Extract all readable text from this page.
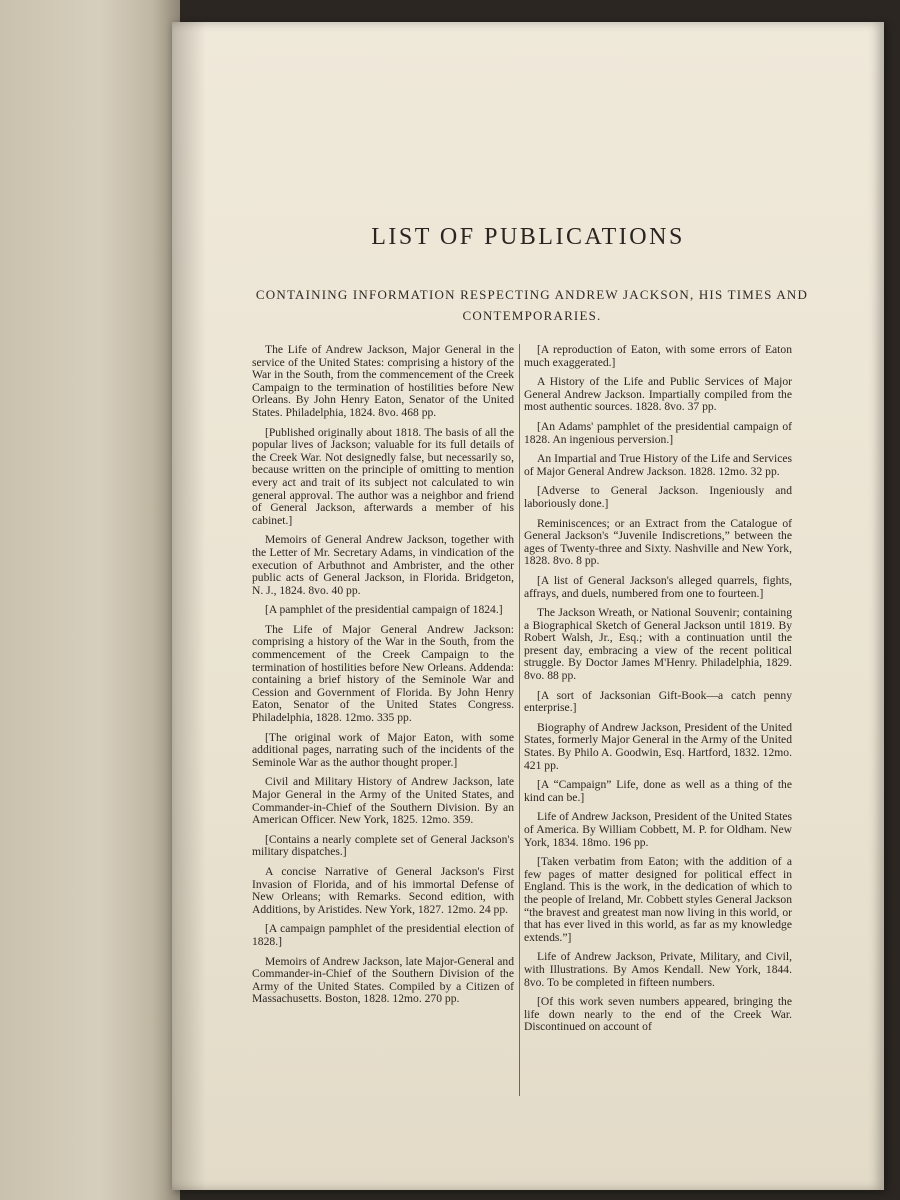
LIST OF PUBLICATIONS
CONTAINING INFORMATION RESPECTING ANDREW JACKSON, HIS TIMES AND CONTEMPORARIES.

The Life of Andrew Jackson, Major General in the service of the United States: comprising a history of the War in the South, from the commencement of the Creek Campaign to the termination of hostilities before New Orleans. By John Henry Eaton, Senator of the United States. Philadelphia, 1824. 8vo. 468 pp.

[Published originally about 1818. The basis of all the popular lives of Jackson; valuable for its full details of the Creek War. Not designedly false, but necessarily so, because written on the principle of omitting to mention every act and trait of its subject not calculated to win general approval. The author was a neighbor and friend of General Jackson, afterwards a member of his cabinet.]

Memoirs of General Andrew Jackson, together with the Letter of Mr. Secretary Adams, in vindication of the execution of Arbuthnot and Ambrister, and the other public acts of General Jackson, in Florida. Bridgeton, N. J., 1824. 8vo. 40 pp.

[A pamphlet of the presidential campaign of 1824.]

The Life of Major General Andrew Jackson: comprising a history of the War in the South, from the commencement of the Creek Campaign to the termination of hostilities before New Orleans. Addenda: containing a brief history of the Seminole War and Cession and Government of Florida. By John Henry Eaton, Senator of the United States Congress. Philadelphia, 1828. 12mo. 335 pp.

[The original work of Major Eaton, with some additional pages, narrating such of the incidents of the Seminole War as the author thought proper.]

Civil and Military History of Andrew Jackson, late Major General in the Army of the United States, and Commander-in-Chief of the Southern Division. By an American Officer. New York, 1825. 12mo. 359.

[Contains a nearly complete set of General Jackson's military dispatches.]

A concise Narrative of General Jackson's First Invasion of Florida, and of his immortal Defense of New Orleans; with Remarks. Second edition, with Additions, by Aristides. New York, 1827. 12mo. 24 pp.

[A campaign pamphlet of the presidential election of 1828.]

Memoirs of Andrew Jackson, late Major-General and Commander-in-Chief of the Southern Division of the Army of the United States. Compiled by a Citizen of Massachusetts. Boston, 1828. 12mo. 270 pp.

[A reproduction of Eaton, with some errors of Eaton much exaggerated.]

A History of the Life and Public Services of Major General Andrew Jackson. Impartially compiled from the most authentic sources. 1828. 8vo. 37 pp.

[An Adams' pamphlet of the presidential campaign of 1828. An ingenious perversion.]

An Impartial and True History of the Life and Services of Major General Andrew Jackson. 1828. 12mo. 32 pp.

[Adverse to General Jackson. Ingeniously and laboriously done.]

Reminiscences; or an Extract from the Catalogue of General Jackson's “Juvenile Indiscretions,” between the ages of Twenty-three and Sixty. Nashville and New York, 1828. 8vo. 8 pp.

[A list of General Jackson's alleged quarrels, fights, affrays, and duels, numbered from one to fourteen.]

The Jackson Wreath, or National Souvenir; containing a Biographical Sketch of General Jackson until 1819. By Robert Walsh, Jr., Esq.; with a continuation until the present day, embracing a view of the recent political struggle. By Doctor James M'Henry. Philadelphia, 1829. 8vo. 88 pp.

[A sort of Jacksonian Gift-Book—a catch penny enterprise.]

Biography of Andrew Jackson, President of the United States, formerly Major General in the Army of the United States. By Philo A. Goodwin, Esq. Hartford, 1832. 12mo. 421 pp.

[A “Campaign” Life, done as well as a thing of the kind can be.]

Life of Andrew Jackson, President of the United States of America. By William Cobbett, M. P. for Oldham. New York, 1834. 18mo. 196 pp.

[Taken verbatim from Eaton; with the addition of a few pages of matter designed for political effect in England. This is the work, in the dedication of which to the people of Ireland, Mr. Cobbett styles General Jackson “the bravest and greatest man now living in this world, or that has ever lived in this world, as far as my knowledge extends.”]

Life of Andrew Jackson, Private, Military, and Civil, with Illustrations. By Amos Kendall. New York, 1844. 8vo. To be completed in fifteen numbers.

[Of this work seven numbers appeared, bringing the life down nearly to the end of the Creek War. Discontinued on account of
